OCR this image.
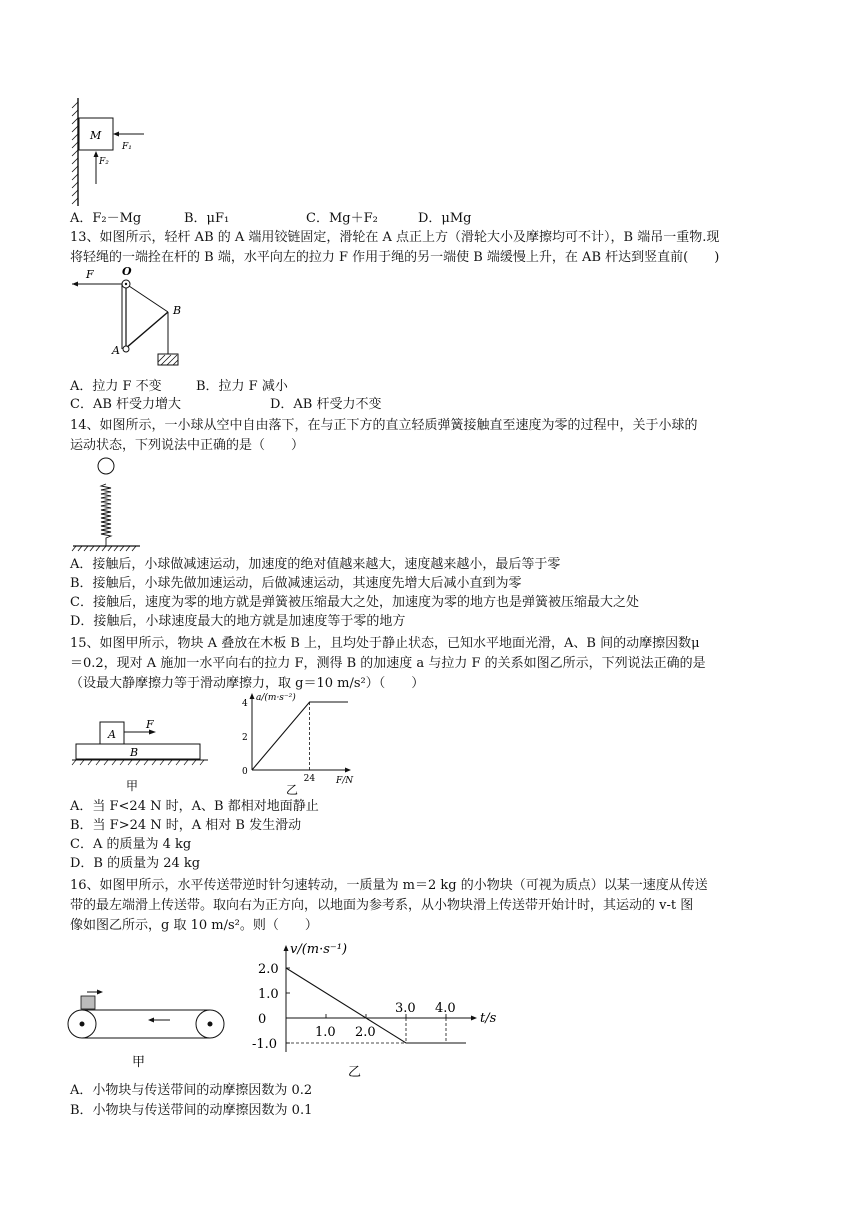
M
F₁
F₂
A．F₂－Mg	B．μF₁	C．Mg＋F₂	D．μMg
13、如图所示，轻杆 AB 的 A 端用铰链固定，滑轮在 A 点正上方（滑轮大小及摩擦均可不计），B 端吊一重物.现
将轻绳的一端拴在杆的 B 端，水平向左的拉力 F 作用于绳的另一端使 B 端缓慢上升，在 AB 杆达到竖直前(　　)
F	O
B
A
A．拉力 F 不变	B．拉力 F 减小
C．AB 杆受力增大	D．AB 杆受力不变
14、如图所示，一小球从空中自由落下，在与正下方的直立轻质弹簧接触直至速度为零的过程中，关于小球的
运动状态，下列说法中正确的是（　　）
A．接触后，小球做减速运动，加速度的绝对值越来越大，速度越来越小，最后等于零
B．接触后，小球先做加速运动，后做减速运动，其速度先增大后减小直到为零
C．接触后，速度为零的地方就是弹簧被压缩最大之处，加速度为零的地方也是弹簧被压缩最大之处
D．接触后，小球速度最大的地方就是加速度等于零的地方
15、如图甲所示，物块 A 叠放在木板 B 上，且均处于静止状态，已知水平地面光滑，A、B 间的动摩擦因数μ
＝0.2，现对 A 施加一水平向右的拉力 F，测得 B 的加速度 a 与拉力 F 的关系如图乙所示，下列说法正确的是
（设最大静摩擦力等于滑动摩擦力，取 g＝10 m/s²）（　　）
B
A
F
甲
a/(m·s⁻²)
F/N
乙
0
2
4
24
A．当 F<24 N 时，A、B 都相对地面静止
B．当 F>24 N 时，A 相对 B 发生滑动
C．A 的质量为 4 kg
D．B 的质量为 24 kg
16、如图甲所示，水平传送带逆时针匀速转动，一质量为 m＝2 kg 的小物块（可视为质点）以某一速度从传送
带的最左端滑上传送带。取向右为正方向，以地面为参考系，从小物块滑上传送带开始计时，其运动的 v-t 图
像如图乙所示，g 取 10 m/s²。则（　　）
甲
v/(m·s⁻¹)
t/s
乙
2.0
1.0
0
-1.0
1.0 2.0
3.0 4.0
A．小物块与传送带间的动摩擦因数为 0.2
B．小物块与传送带间的动摩擦因数为 0.1
